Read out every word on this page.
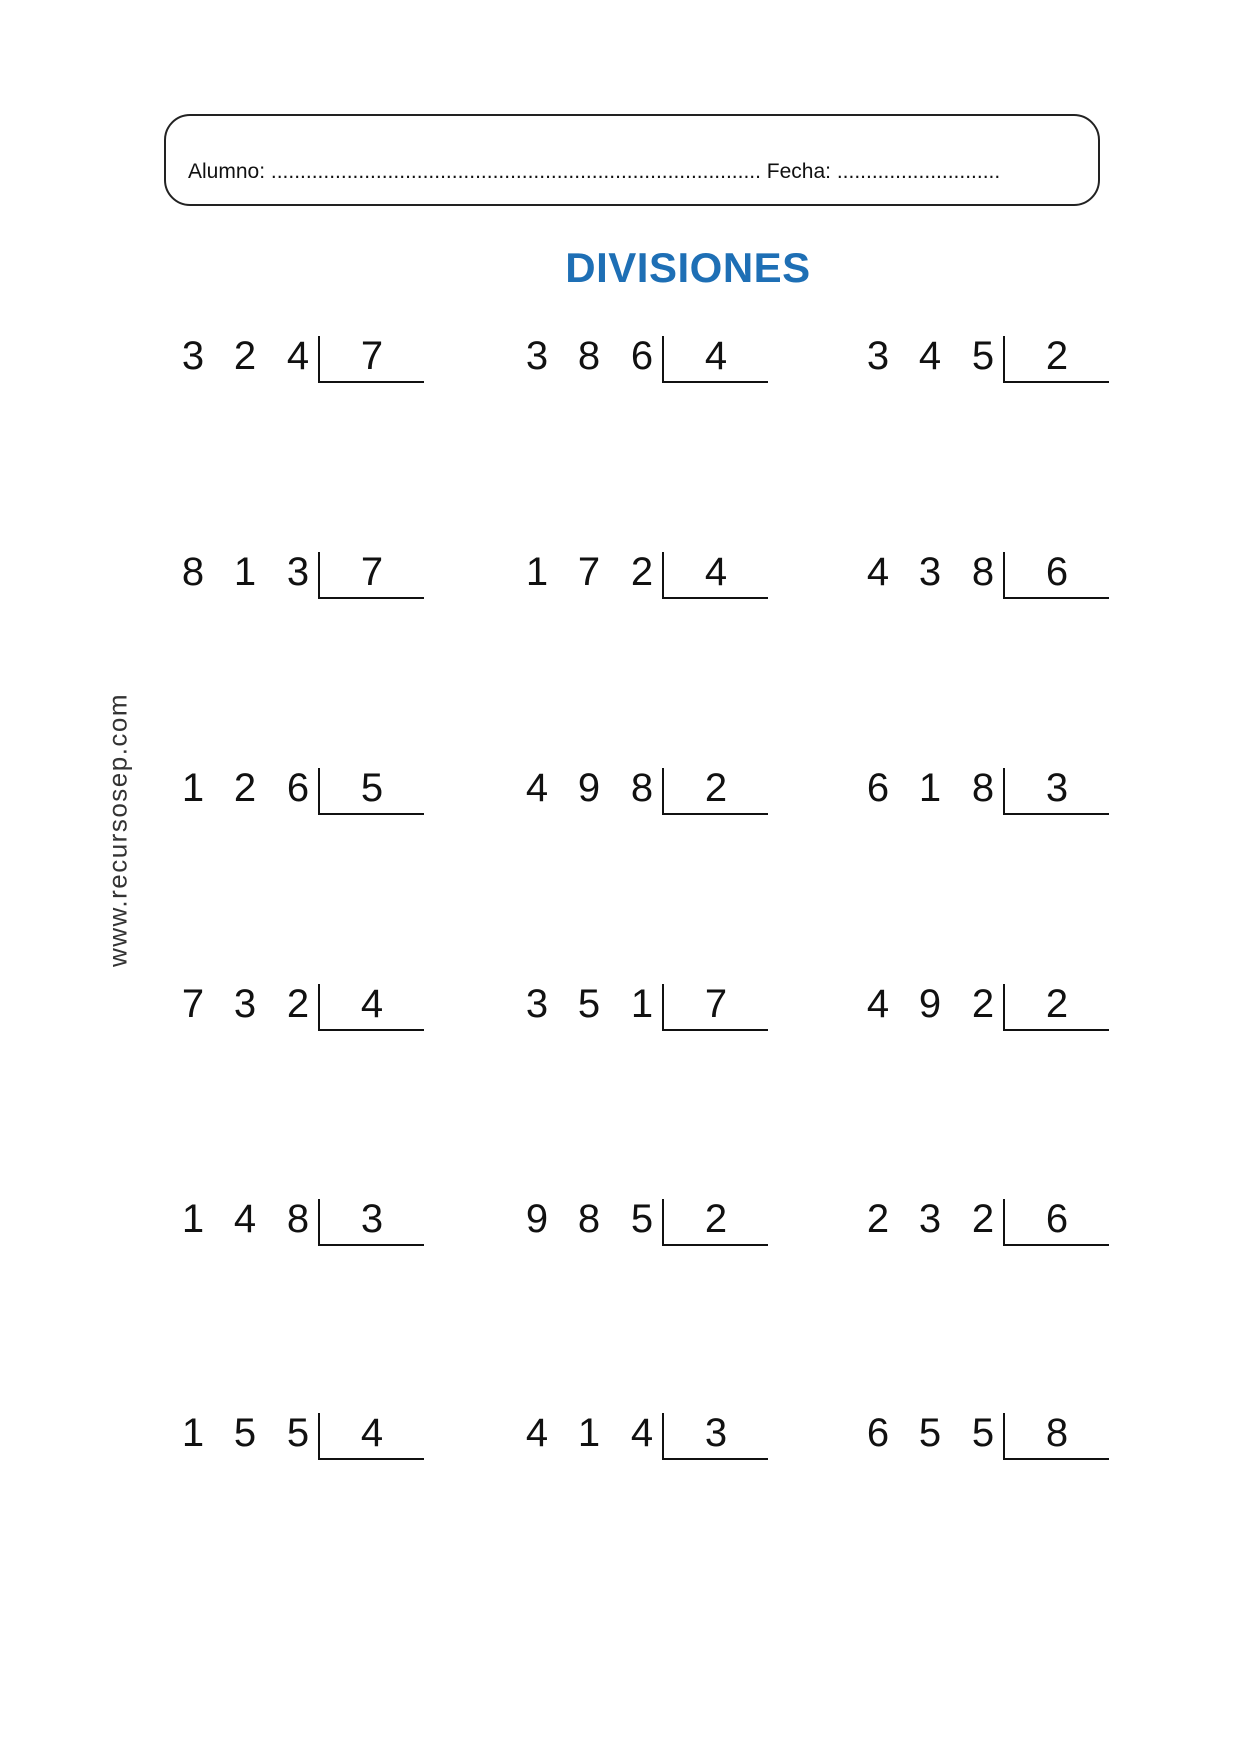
Alumno: .................................................................................... Fecha: ............................
DIVISIONES
www.recursosep.com
3 2 4	7	3 8 6	4	3 4 5	2
8 1 3	7	1 7 2	4	4 3 8	6
1 2 6	5	4 9 8	2	6 1 8	3
7 3 2	4	3 5 1	7	4 9 2	2
1 4 8	3	9 8 5	2	2 3 2	6
1 5 5	4	4 1 4	3	6 5 5	8
